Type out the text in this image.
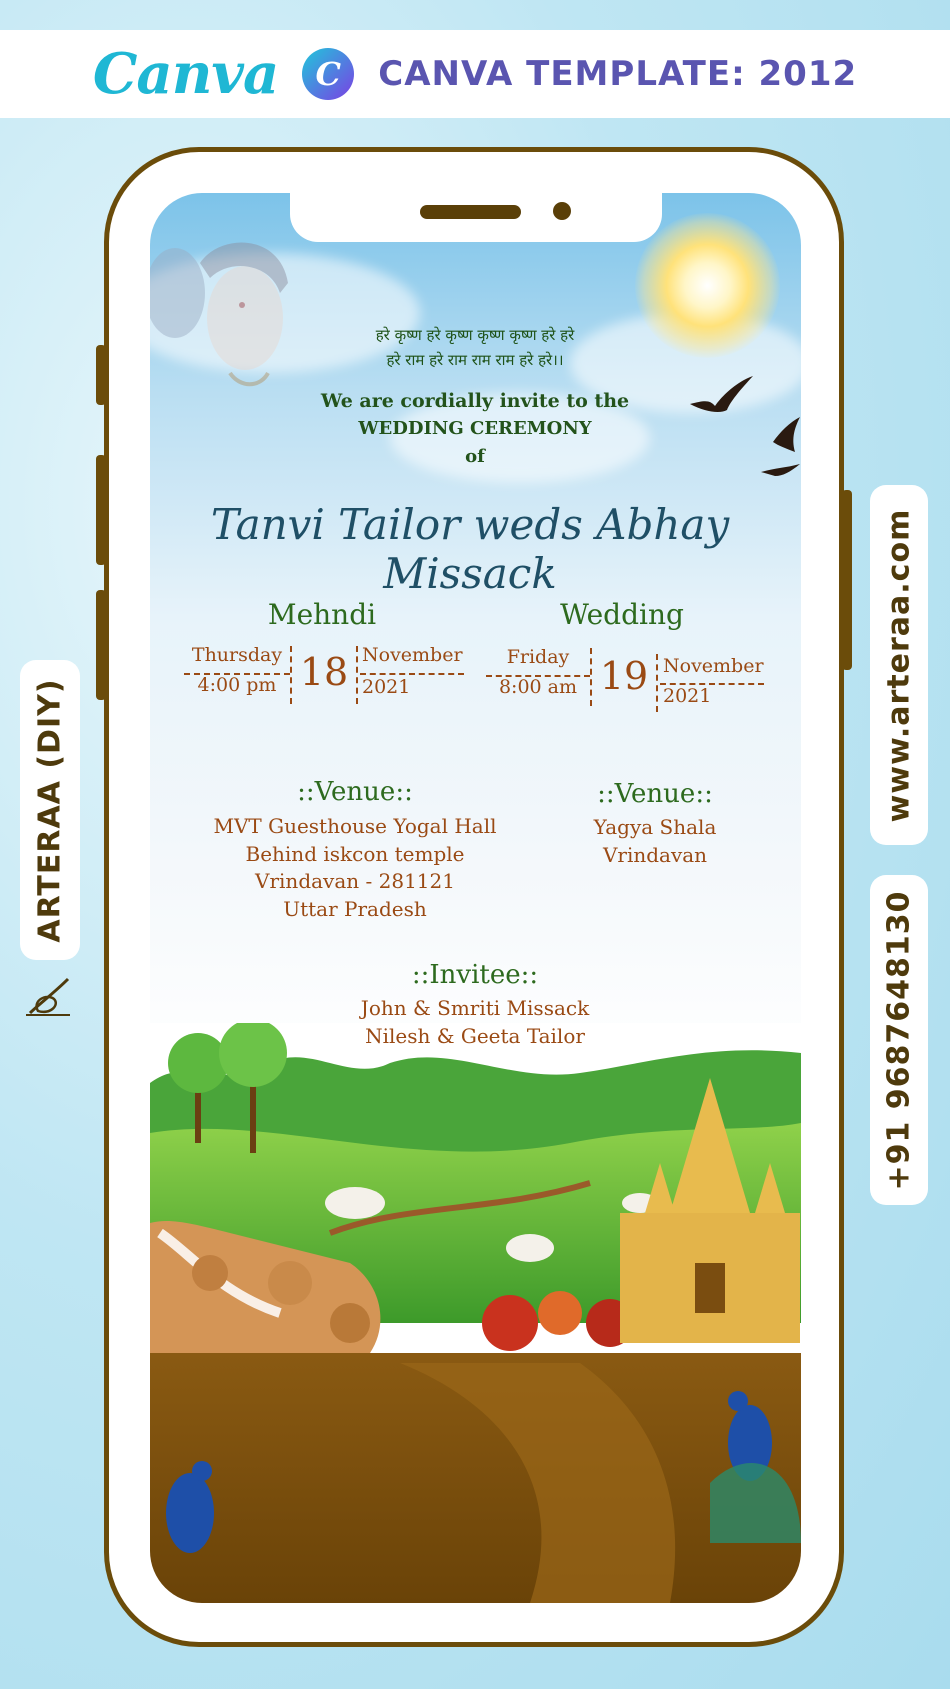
Canva	C	CANVA TEMPLATE: 2012
ARTERAA (DIY)	www.arteraa.com
+91 9687648130
हरे कृष्ण हरे कृष्ण कृष्ण कृष्ण हरे हरे
हरे राम हरे राम राम राम हरे हरे।।
We are cordially invite to the
WEDDING CEREMONY
of
Tanvi Tailor weds Abhay Missack
Mehndi
Thursday
4:00 pm 18 November
2021
Wedding
Friday
8:00 am 19 November
2021
::Venue::
MVT Guesthouse Yogal Hall
Behind iskcon temple
Vrindavan - 281121
Uttar Pradesh
::Venue::
Yagya Shala
Vrindavan
::Invitee::
John & Smriti Missack
Nilesh & Geeta Tailor
